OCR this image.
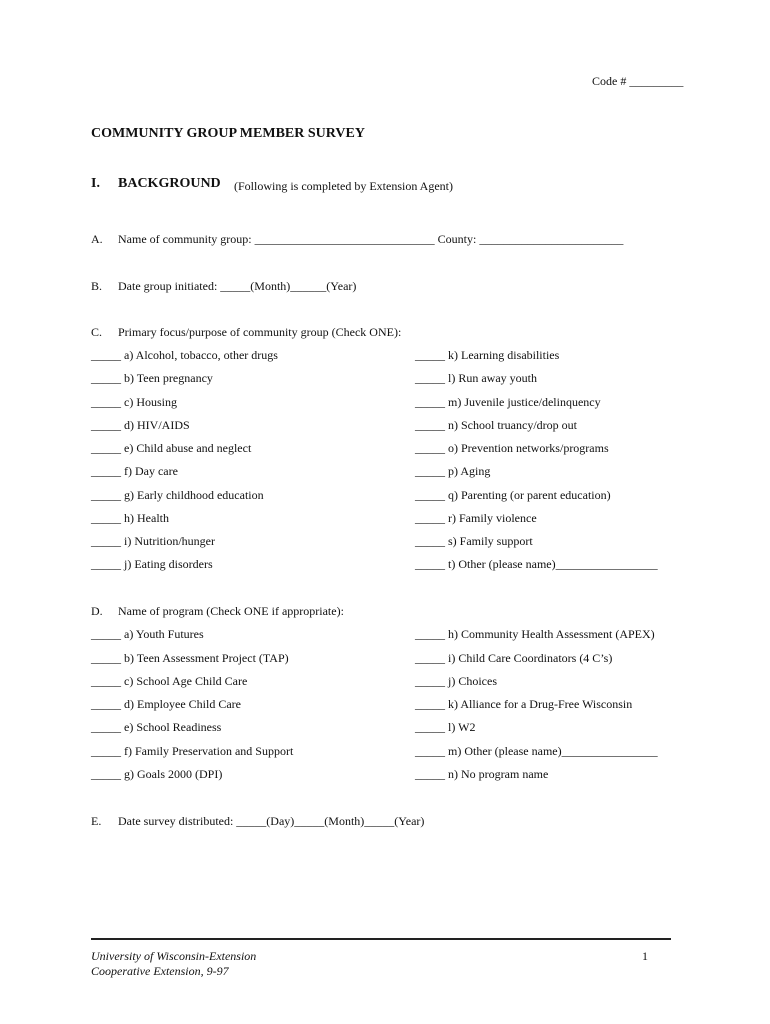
Code # _________
COMMUNITY GROUP MEMBER SURVEY
I. BACKGROUND (Following is completed by Extension Agent)
A. Name of community group: ______________________________ County: ________________________
B. Date group initiated: _____(Month)______(Year)
C. Primary focus/purpose of community group (Check ONE):
_____ a) Alcohol, tobacco, other drugs
_____ b) Teen pregnancy
_____ c) Housing
_____ d) HIV/AIDS
_____ e) Child abuse and neglect
_____ f) Day care
_____ g) Early childhood education
_____ h) Health
_____ i) Nutrition/hunger
_____ j) Eating disorders
_____ k) Learning disabilities
_____ l) Run away youth
_____ m) Juvenile justice/delinquency
_____ n) School truancy/drop out
_____ o) Prevention networks/programs
_____ p) Aging
_____ q) Parenting (or parent education)
_____ r) Family violence
_____ s) Family support
_____ t) Other (please name)_________________
D. Name of program (Check ONE if appropriate):
_____ a) Youth Futures
_____ b) Teen Assessment Project (TAP)
_____ c) School Age Child Care
_____ d) Employee Child Care
_____ e) School Readiness
_____ f) Family Preservation and Support
_____ g) Goals 2000 (DPI)
_____ h) Community Health Assessment (APEX)
_____ i) Child Care Coordinators (4 C’s)
_____ j) Choices
_____ k) Alliance for a Drug-Free Wisconsin
_____ l) W2
_____ m) Other (please name)________________
_____ n) No program name
E. Date survey distributed: _____(Day)_____(Month)_____(Year)
University of Wisconsin-Extension
Cooperative Extension, 9-97
1
